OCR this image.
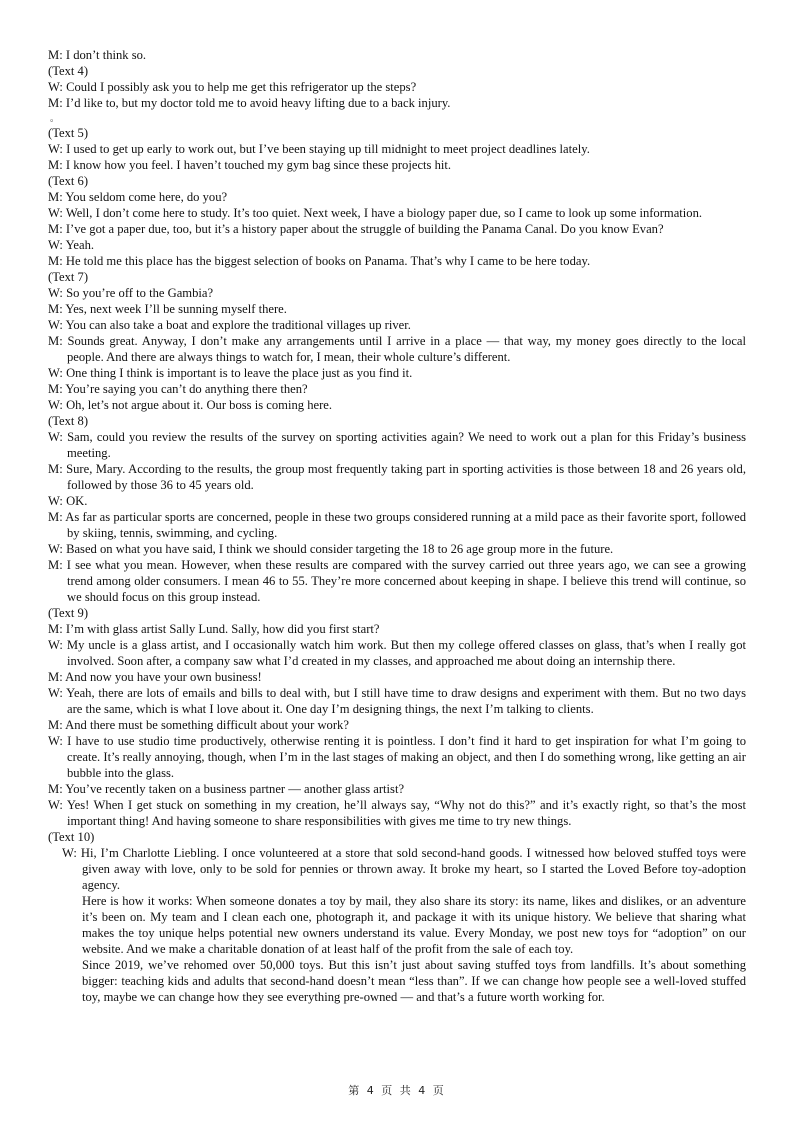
M: I don’t think so.

(Text 4)

W: Could I possibly ask you to help me get this refrigerator up the steps?

M: I’d like to, but my doctor told me to avoid heavy lifting due to a back injury.

。

(Text 5)

W: I used to get up early to work out, but I’ve been staying up till midnight to meet project deadlines lately.

M: I know how you feel. I haven’t touched my gym bag since these projects hit.

(Text 6)

M: You seldom come here, do you?

W: Well, I don’t come here to study. It’s too quiet. Next week, I have a biology paper due, so I came to look up some information.

M: I’ve got a paper due, too, but it’s a history paper about the struggle of building the Panama Canal. Do you know Evan?

W: Yeah.

M: He told me this place has the biggest selection of books on Panama. That’s why I came to be here today.

(Text 7)

W: So you’re off to the Gambia?

M: Yes, next week I’ll be sunning myself there.

W: You can also take a boat and explore the traditional villages up river.

M: Sounds great. Anyway, I don’t make any arrangements until I arrive in a place — that way, my money goes directly to the local people. And there are always things to watch for, I mean, their whole culture’s different.

W: One thing I think is important is to leave the place just as you find it.

M: You’re saying you can’t do anything there then?

W: Oh, let’s not argue about it. Our boss is coming here.

(Text 8)

W: Sam, could you review the results of the survey on sporting activities again? We need to work out a plan for this Friday’s business meeting.

M: Sure, Mary. According to the results, the group most frequently taking part in sporting activities is those between 18 and 26 years old, followed by those 36 to 45 years old.

W: OK.

M: As far as particular sports are concerned, people in these two groups considered running at a mild pace as their favorite sport, followed by skiing, tennis, swimming, and cycling.

W: Based on what you have said, I think we should consider targeting the 18 to 26 age group more in the future.

M: I see what you mean. However, when these results are compared with the survey carried out three years ago, we can see a growing trend among older consumers. I mean 46 to 55. They’re more concerned about keeping in shape. I believe this trend will continue, so we should focus on this group instead.

(Text 9)

M: I’m with glass artist Sally Lund. Sally, how did you first start?

W: My uncle is a glass artist, and I occasionally watch him work. But then my college offered classes on glass, that’s when I really got involved. Soon after, a company saw what I’d created in my classes, and approached me about doing an internship there.

M: And now you have your own business!

W: Yeah, there are lots of emails and bills to deal with, but I still have time to draw designs and experiment with them. But no two days are the same, which is what I love about it. One day I’m designing things, the next I’m talking to clients.

M: And there must be something difficult about your work?

W: I have to use studio time productively, otherwise renting it is pointless. I don’t find it hard to get inspiration for what I’m going to create. It’s really annoying, though, when I’m in the last stages of making an object, and then I do something wrong, like getting an air bubble into the glass.

M: You’ve recently taken on a business partner — another glass artist?

W: Yes! When I get stuck on something in my creation, he’ll always say, “Why not do this?” and it’s exactly right, so that’s the most important thing! And having someone to share responsibilities with gives me time to try new things.

(Text 10)

W: Hi, I’m Charlotte Liebling. I once volunteered at a store that sold second-hand goods. I witnessed how beloved stuffed toys were given away with love, only to be sold for pennies or thrown away. It broke my heart, so I started the Loved Before toy-adoption agency.

Here is how it works: When someone donates a toy by mail, they also share its story: its name, likes and dislikes, or an adventure it’s been on. My team and I clean each one, photograph it, and package it with its unique history. We believe that sharing what makes the toy unique helps potential new owners understand its value. Every Monday, we post new toys for “adoption” on our website. And we make a charitable donation of at least half of the profit from the sale of each toy.

Since 2019, we’ve rehomed over 50,000 toys. But this isn’t just about saving stuffed toys from landfills. It’s about something bigger: teaching kids and adults that second-hand doesn’t mean “less than”. If we can change how people see a well-loved stuffed toy, maybe we can change how they see everything pre-owned — and that’s a future worth working for.

第 4 页 共 4 页
